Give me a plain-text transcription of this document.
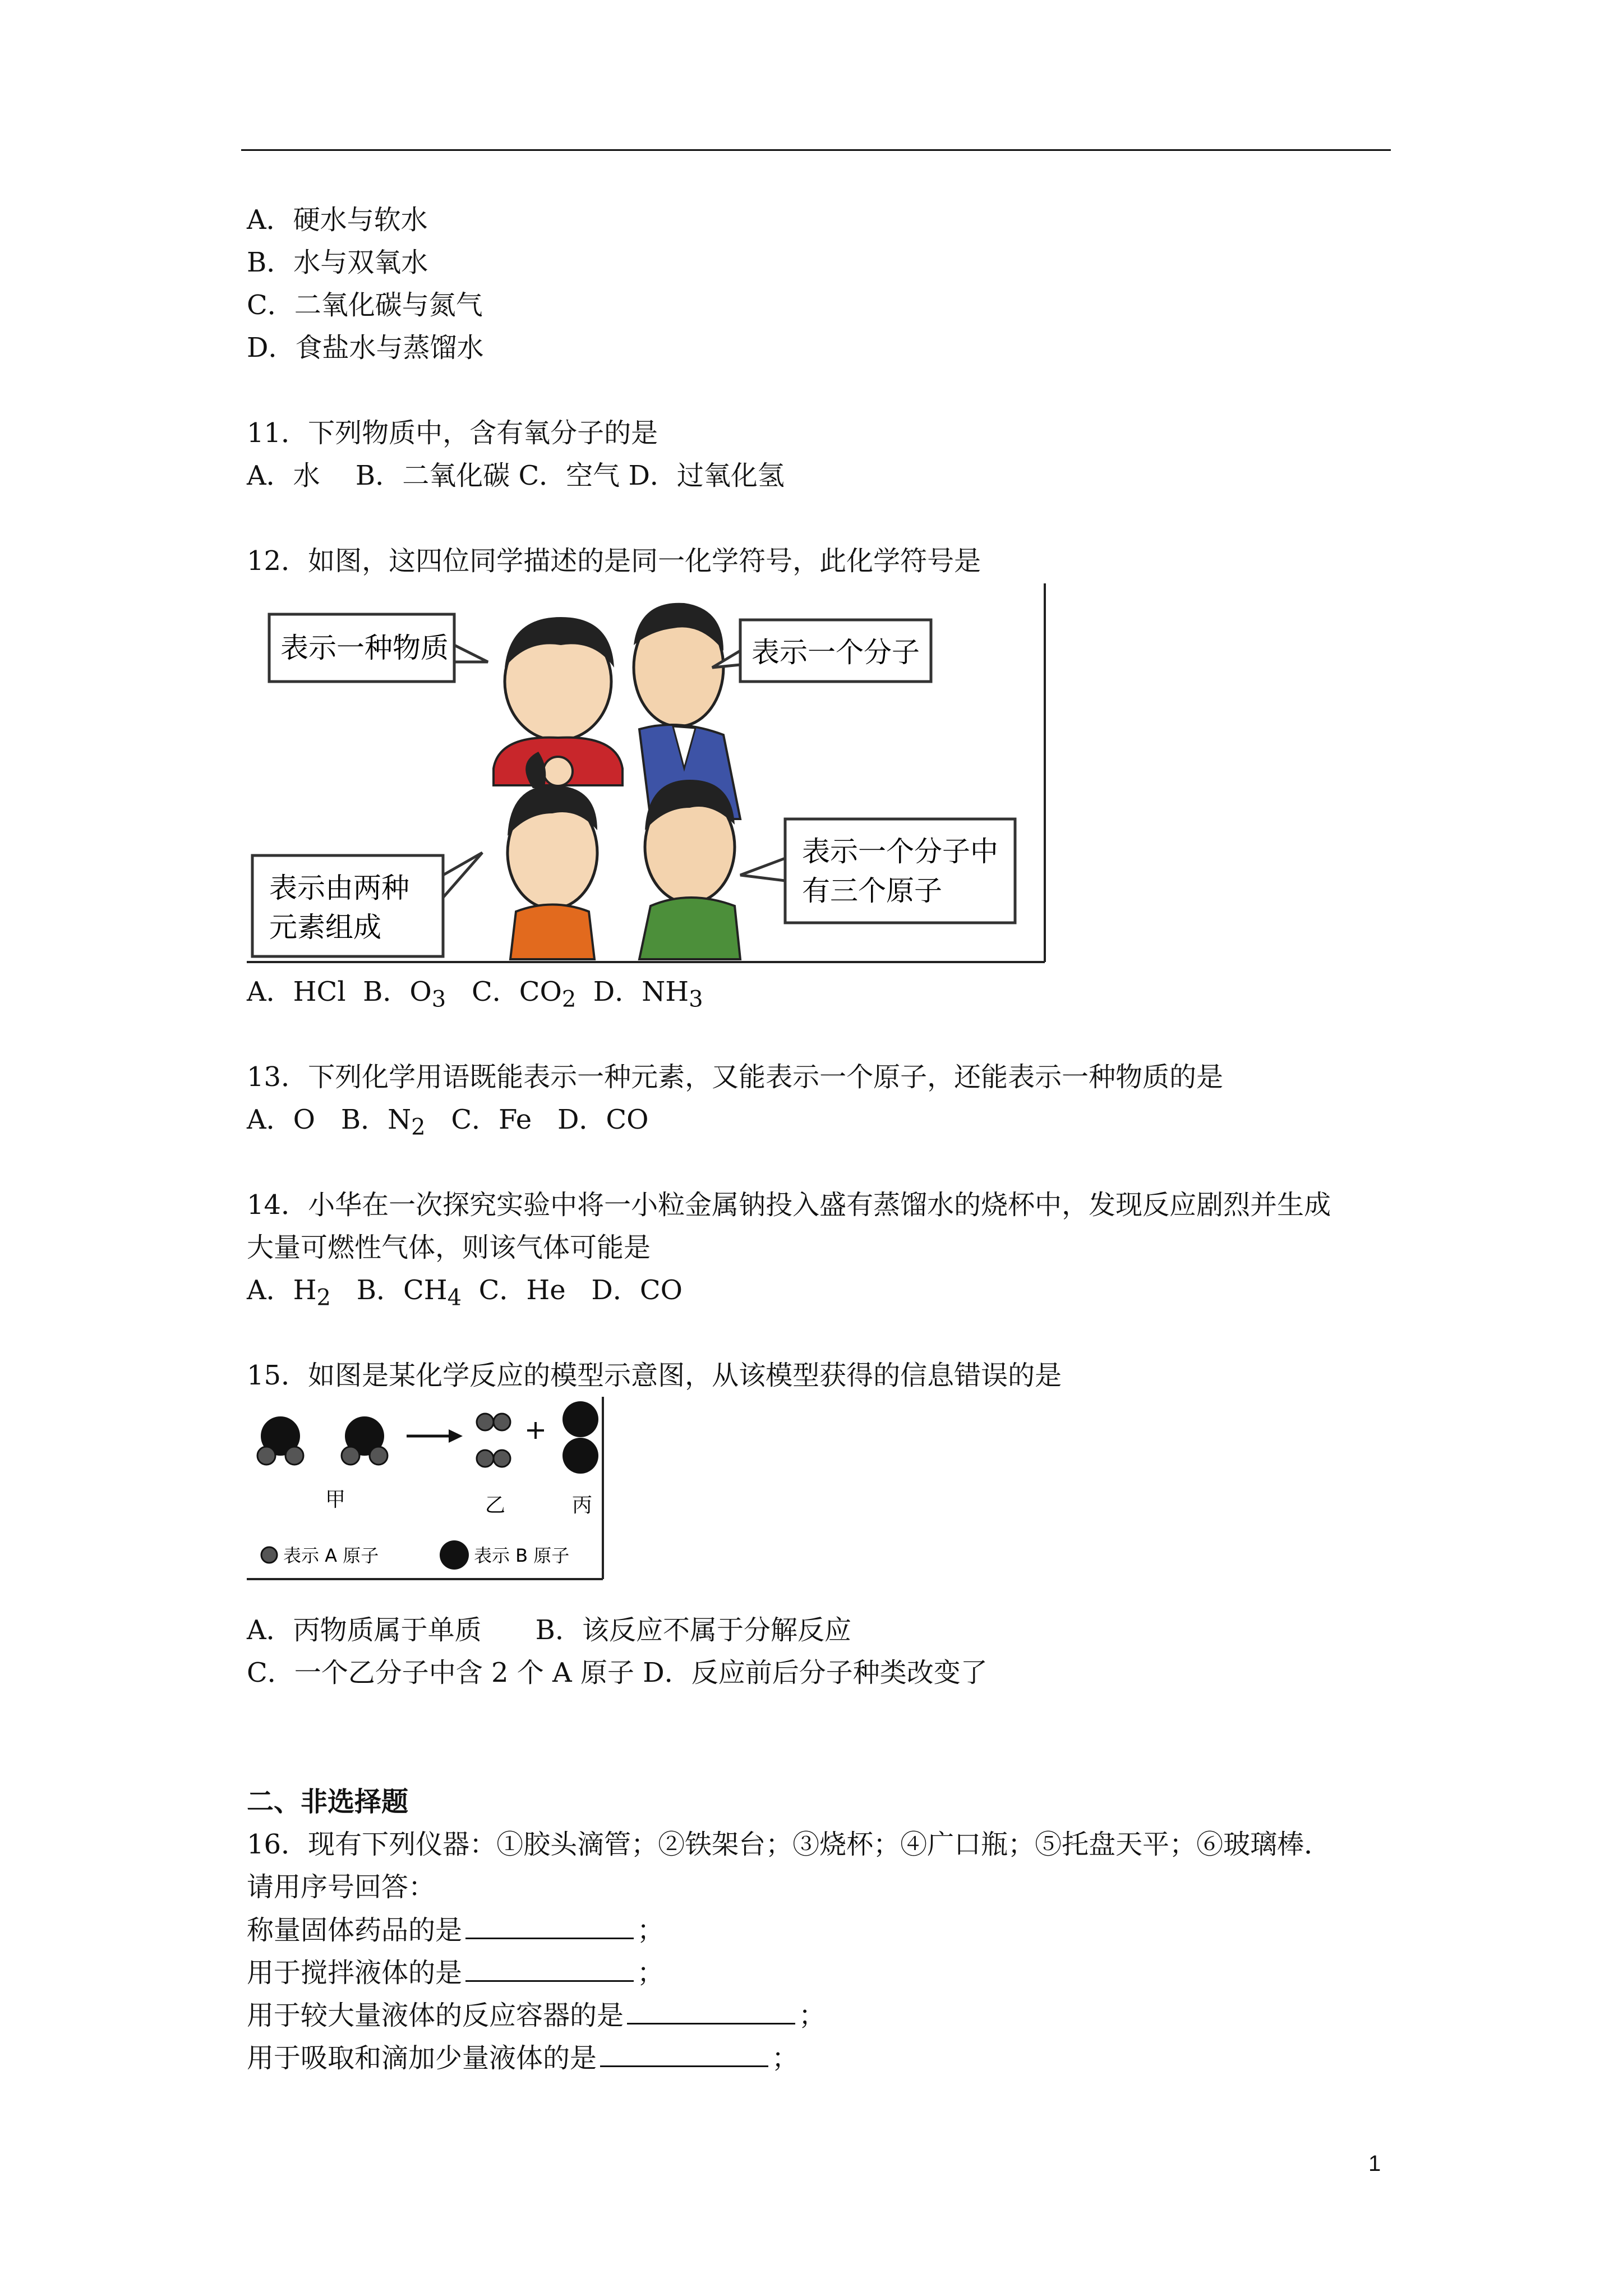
A．硬水与软水
B．水与双氧水
C．二氧化碳与氮气
D．食盐水与蒸馏水
11．下列物质中，含有氧分子的是
A．水　 B．二氧化碳 C．空气 D．过氧化氢
12．如图，这四位同学描述的是同一化学符号，此化学符号是
表示一种物质	表示一个分子
表示由两种
元素组成
表示一个分子中
有三个原子
A．HCl B．$O_3$ C．$CO_2$ D．$NH_3$
13．下列化学用语既能表示一种元素，又能表示一个原子，还能表示一种物质的是
A．O B．$N_2$ C．Fe D．CO
14．小华在一次探究实验中将一小粒金属钠投入盛有蒸馏水的烧杯中，发现反应剧烈并生成
大量可燃性气体，则该气体可能是
A．$H_2$ B．$CH_4$ C．He D．CO
15．如图是某化学反应的模型示意图，从该模型获得的信息错误的是
甲	乙	丙
表示 A 原子	表示 B 原子
A．丙物质属于单质　　B．该反应不属于分解反应
C．一个乙分子中含 2 个 A 原子 D．反应前后分子种类改变了
二、非选择题
16．现有下列仪器：①胶头滴管；②铁架台；③烧杯；④广口瓶；⑤托盘天平；⑥玻璃棒．
请用序号回答：
称量固体药品的是	；
用于搅拌液体的是	；
用于较大量液体的反应容器的是	；
用于吸取和滴加少量液体的是	；
1
